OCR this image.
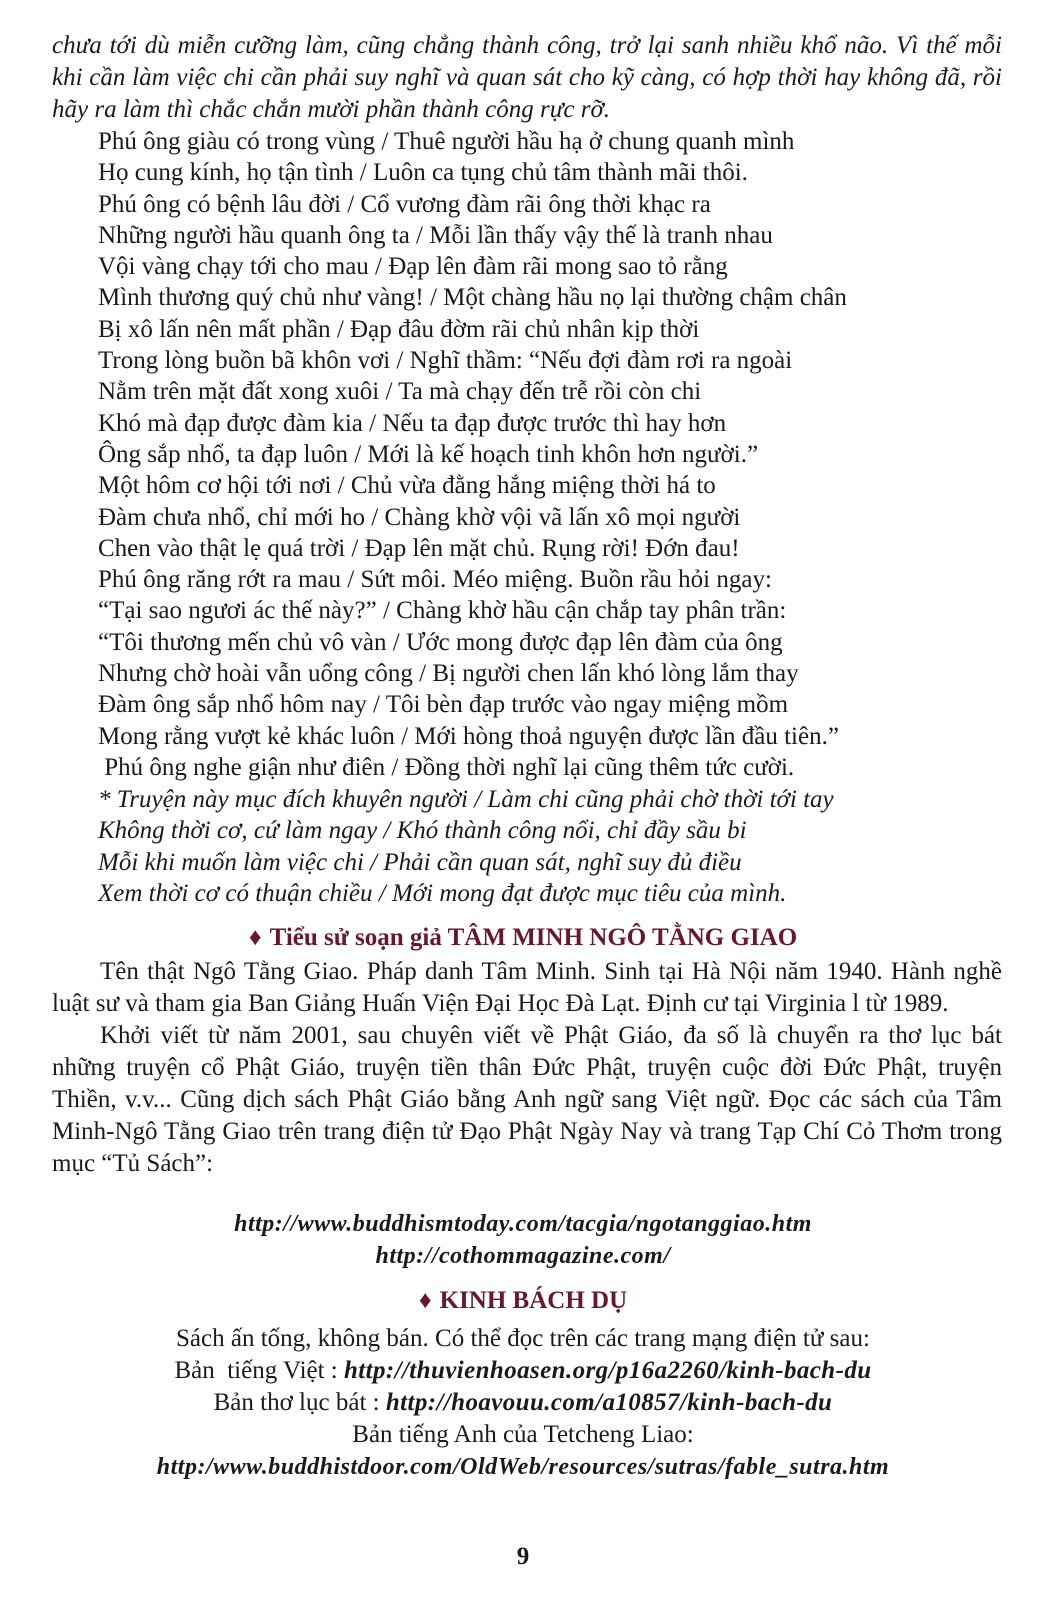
chưa tới dù miễn cưỡng làm, cũng chẳng thành công, trở lại sanh nhiều khổ não. Vì thế mỗi khi cần làm việc chi cần phải suy nghĩ và quan sát cho kỹ càng, có hợp thời hay không đã, rồi hãy ra làm thì chắc chắn mười phần thành công rực rỡ.

Phú ông giàu có trong vùng / Thuê người hầu hạ ở chung quanh mình
Họ cung kính, họ tận tình / Luôn ca tụng chủ tâm thành mãi thôi.
Phú ông có bệnh lâu đời / Cổ vương đàm rãi ông thời khạc ra
Những người hầu quanh ông ta / Mỗi lần thấy vậy thế là tranh nhau
Vội vàng chạy tới cho mau / Đạp lên đàm rãi mong sao tỏ rằng
Mình thương quý chủ như vàng! / Một chàng hầu nọ lại thường chậm chân
Bị xô lấn nên mất phần / Đạp đâu đờm rãi chủ nhân kịp thời
Trong lòng buồn bã khôn vơi / Nghĩ thầm: “Nếu đợi đàm rơi ra ngoài
Nằm trên mặt đất xong xuôi / Ta mà chạy đến trễ rồi còn chi
Khó mà đạp được đàm kia / Nếu ta đạp được trước thì hay hơn
Ông sắp nhổ, ta đạp luôn / Mới là kế hoạch tinh khôn hơn người.”
Một hôm cơ hội tới nơi / Chủ vừa đằng hắng miệng thời há to
Đàm chưa nhổ, chỉ mới ho / Chàng khờ vội vã lấn xô mọi người
Chen vào thật lẹ quá trời / Đạp lên mặt chủ. Rụng rời! Đớn đau!
Phú ông răng rớt ra mau / Sứt môi. Méo miệng. Buồn rầu hỏi ngay:
“Tại sao ngươi ác thế này?” / Chàng khờ hầu cận chắp tay phân trần:
“Tôi thương mến chủ vô vàn / Ước mong được đạp lên đàm của ông
Nhưng chờ hoài vẫn uổng công / Bị người chen lấn khó lòng lắm thay
Đàm ông sắp nhổ hôm nay / Tôi bèn đạp trước vào ngay miệng mồm
Mong rằng vượt kẻ khác luôn / Mới hòng thoả nguyện được lần đầu tiên.”
Phú ông nghe giận như điên / Đồng thời nghĩ lại cũng thêm tức cười.
* Truyện này mục đích khuyên người / Làm chi cũng phải chờ thời tới tay
Không thời cơ, cứ làm ngay / Khó thành công nổi, chỉ đầy sầu bi
Mỗi khi muốn làm việc chi / Phải cần quan sát, nghĩ suy đủ điều
Xem thời cơ có thuận chiều / Mới mong đạt được mục tiêu của mình.
♦ Tiểu sử soạn giả TÂM MINH NGÔ TẰNG GIAO

Tên thật Ngô Tằng Giao. Pháp danh Tâm Minh. Sinh tại Hà Nội năm 1940. Hành nghề luật sư và tham gia Ban Giảng Huấn Viện Đại Học Đà Lạt. Định cư tại Virginia l từ 1989.

Khởi viết từ năm 2001, sau chuyên viết về Phật Giáo, đa số là chuyển ra thơ lục bát những truyện cổ Phật Giáo, truyện tiền thân Đức Phật, truyện cuộc đời Đức Phật, truyện Thiền, v.v... Cũng dịch sách Phật Giáo bằng Anh ngữ sang Việt ngữ. Đọc các sách của Tâm Minh-Ngô Tằng Giao trên trang điện tử Đạo Phật Ngày Nay và trang Tạp Chí Cỏ Thơm trong mục “Tủ Sách”:

http://www.buddhismtoday.com/tacgia/ngotanggiao.htm
http://cothommagazine.com/
♦ KINH BÁCH DỤ
Sách ấn tống, không bán. Có thể đọc trên các trang mạng điện tử sau:
Bản  tiếng Việt : http://thuvienhoasen.org/p16a2260/kinh-bach-du
Bản thơ lục bát : http://hoavouu.com/a10857/kinh-bach-du
Bản tiếng Anh của Tetcheng Liao:
http:/www.buddhistdoor.com/OldWeb/resources/sutras/fable_sutra.htm
9
